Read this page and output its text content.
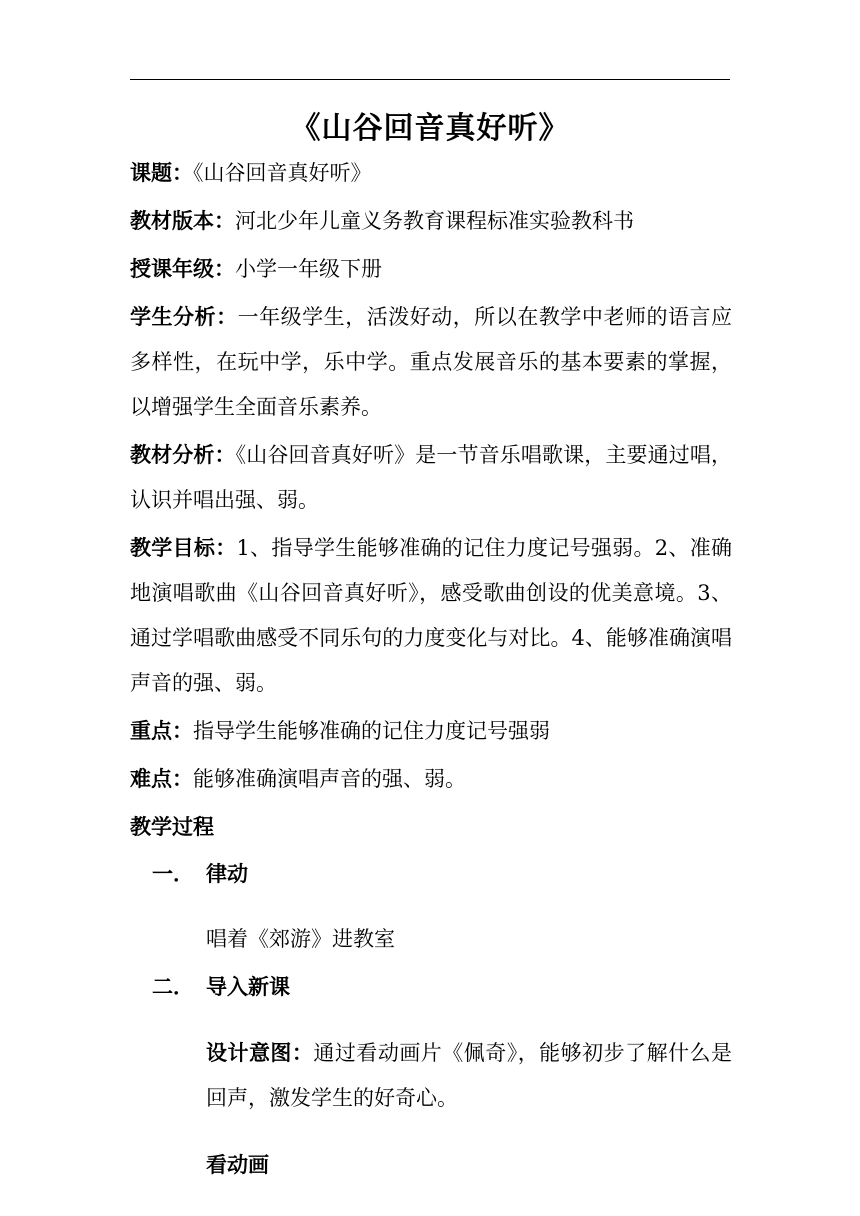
《山谷回音真好听》

课题：《山谷回音真好听》

教材版本：河北少年儿童义务教育课程标准实验教科书

授课年级：小学一年级下册

学生分析：一年级学生，活泼好动，所以在教学中老师的语言应多样性，在玩中学，乐中学。重点发展音乐的基本要素的掌握，以增强学生全面音乐素养。

教材分析：《山谷回音真好听》是一节音乐唱歌课，主要通过唱，认识并唱出强、弱。

教学目标：1、指导学生能够准确的记住力度记号强弱。2、准确地演唱歌曲《山谷回音真好听》，感受歌曲创设的优美意境。3、通过学唱歌曲感受不同乐句的力度变化与对比。4、能够准确演唱声音的强、弱。

重点：指导学生能够准确的记住力度记号强弱

难点：能够准确演唱声音的强、弱。

教学过程

一． 律动

唱着《郊游》进教室

二． 导入新课

设计意图：通过看动画片《佩奇》，能够初步了解什么是回声，激发学生的好奇心。

看动画
